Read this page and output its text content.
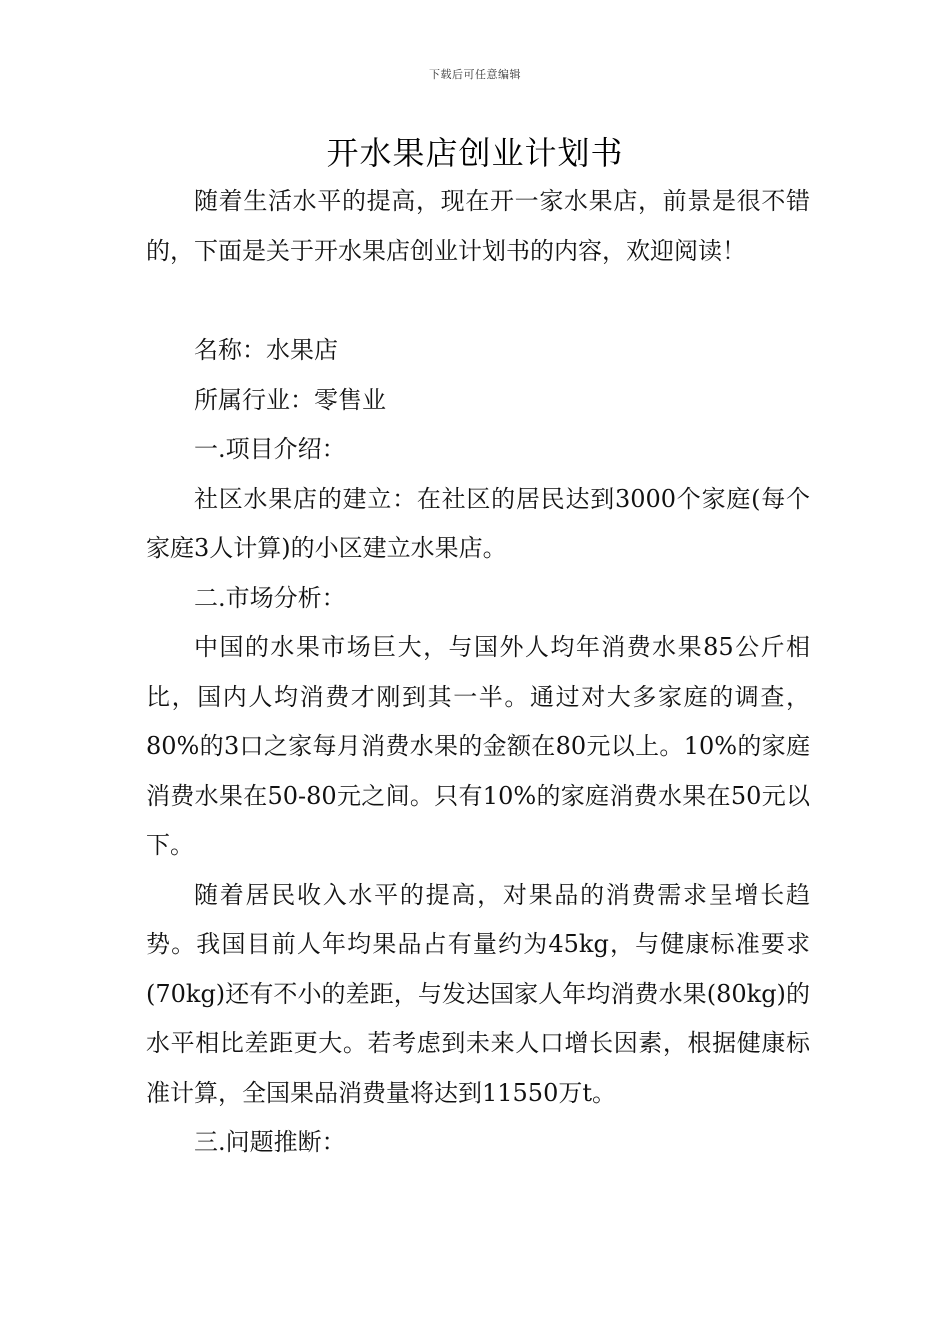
下载后可任意编辑
开水果店创业计划书

随着生活水平的提高，现在开一家水果店，前景是很不错的，下面是关于开水果店创业计划书的内容，欢迎阅读！

名称：水果店

所属行业：零售业

一.项目介绍：

社区水果店的建立：在社区的居民达到3000个家庭(每个家庭3人计算)的小区建立水果店。

二.市场分析：

中国的水果市场巨大，与国外人均年消费水果85公斤相比，国内人均消费才刚到其一半。通过对大多家庭的调查，80%的3口之家每月消费水果的金额在80元以上。10%的家庭消费水果在50-80元之间。只有10%的家庭消费水果在50元以下。

随着居民收入水平的提高，对果品的消费需求呈增长趋势。我国目前人年均果品占有量约为45kg，与健康标准要求(70kg)还有不小的差距，与发达国家人年均消费水果(80kg)的水平相比差距更大。若考虑到未来人口增长因素，根据健康标准计算，全国果品消费量将达到11550万t。

三.问题推断：
